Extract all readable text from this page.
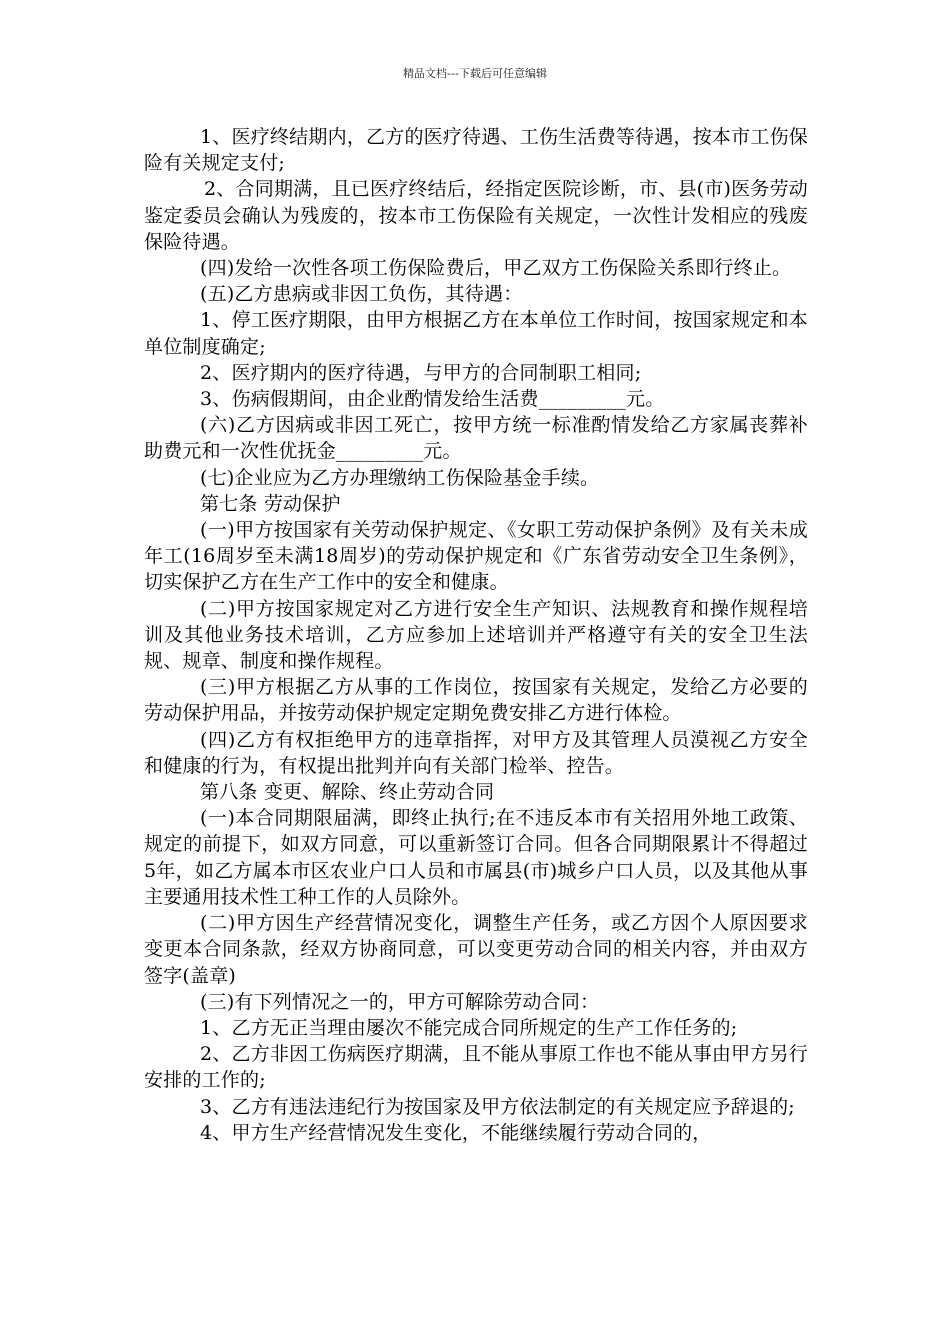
精品文档---下载后可任意编辑

1、医疗终结期内，乙方的医疗待遇、工伤生活费等待遇，按本市工伤保险有关规定支付;

2、合同期满，且已医疗终结后，经指定医院诊断，市、县(市)医务劳动鉴定委员会确认为残废的，按本市工伤保险有关规定，一次性计发相应的残废保险待遇。

(四)发给一次性各项工伤保险费后，甲乙双方工伤保险关系即行终止。

(五)乙方患病或非因工负伤，其待遇：

1、停工医疗期限，由甲方根据乙方在本单位工作时间，按国家规定和本单位制度确定;

2、医疗期内的医疗待遇，与甲方的合同制职工相同;

3、伤病假期间，由企业酌情发给生活费_________元。

(六)乙方因病或非因工死亡，按甲方统一标准酌情发给乙方家属丧葬补助费元和一次性优抚金_________元。

(七)企业应为乙方办理缴纳工伤保险基金手续。

第七条 劳动保护

(一)甲方按国家有关劳动保护规定、《女职工劳动保护条例》及有关未成年工(16周岁至未满18周岁)的劳动保护规定和《广东省劳动安全卫生条例》，切实保护乙方在生产工作中的安全和健康。

(二)甲方按国家规定对乙方进行安全生产知识、法规教育和操作规程培训及其他业务技术培训，乙方应参加上述培训并严格遵守有关的安全卫生法规、规章、制度和操作规程。

(三)甲方根据乙方从事的工作岗位，按国家有关规定，发给乙方必要的劳动保护用品，并按劳动保护规定定期免费安排乙方进行体检。

(四)乙方有权拒绝甲方的违章指挥，对甲方及其管理人员漠视乙方安全和健康的行为，有权提出批判并向有关部门检举、控告。

第八条 变更、解除、终止劳动合同

(一)本合同期限届满，即终止执行;在不违反本市有关招用外地工政策、规定的前提下，如双方同意，可以重新签订合同。但各合同期限累计不得超过5年，如乙方属本市区农业户口人员和市属县(市)城乡户口人员，以及其他从事主要通用技术性工种工作的人员除外。

(二)甲方因生产经营情况变化，调整生产任务，或乙方因个人原因要求变更本合同条款，经双方协商同意，可以变更劳动合同的相关内容，并由双方签字(盖章)

(三)有下列情况之一的，甲方可解除劳动合同：

1、乙方无正当理由屡次不能完成合同所规定的生产工作任务的;

2、乙方非因工伤病医疗期满，且不能从事原工作也不能从事由甲方另行安排的工作的;

3、乙方有违法违纪行为按国家及甲方依法制定的有关规定应予辞退的;

4、甲方生产经营情况发生变化，不能继续履行劳动合同的，
